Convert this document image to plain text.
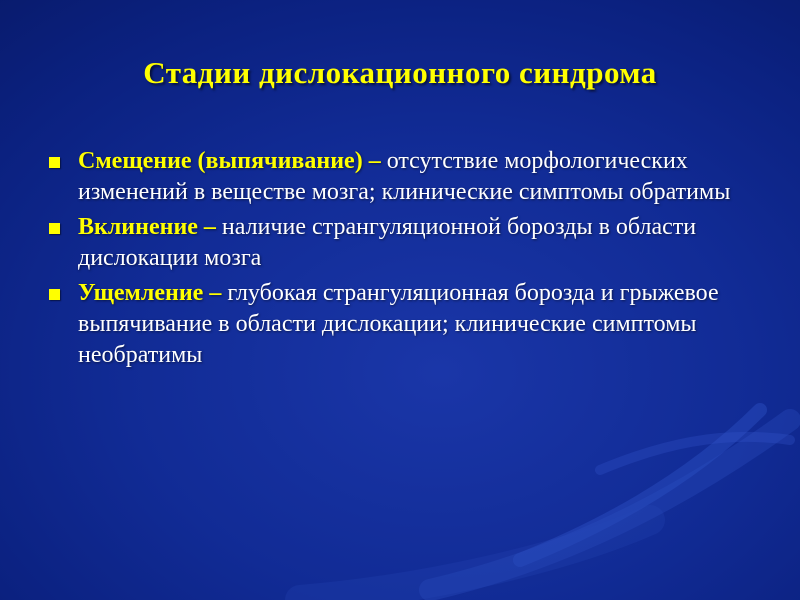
Стадии дислокационного синдрома
Смещение (выпячивание) – отсутствие морфологических изменений в веществе мозга; клинические симптомы обратимы
Вклинение – наличие странгуляционной борозды в области дислокации мозга
Ущемление – глубокая странгуляционная борозда и грыжевое выпячивание в области дислокации; клинические симптомы необратимы
